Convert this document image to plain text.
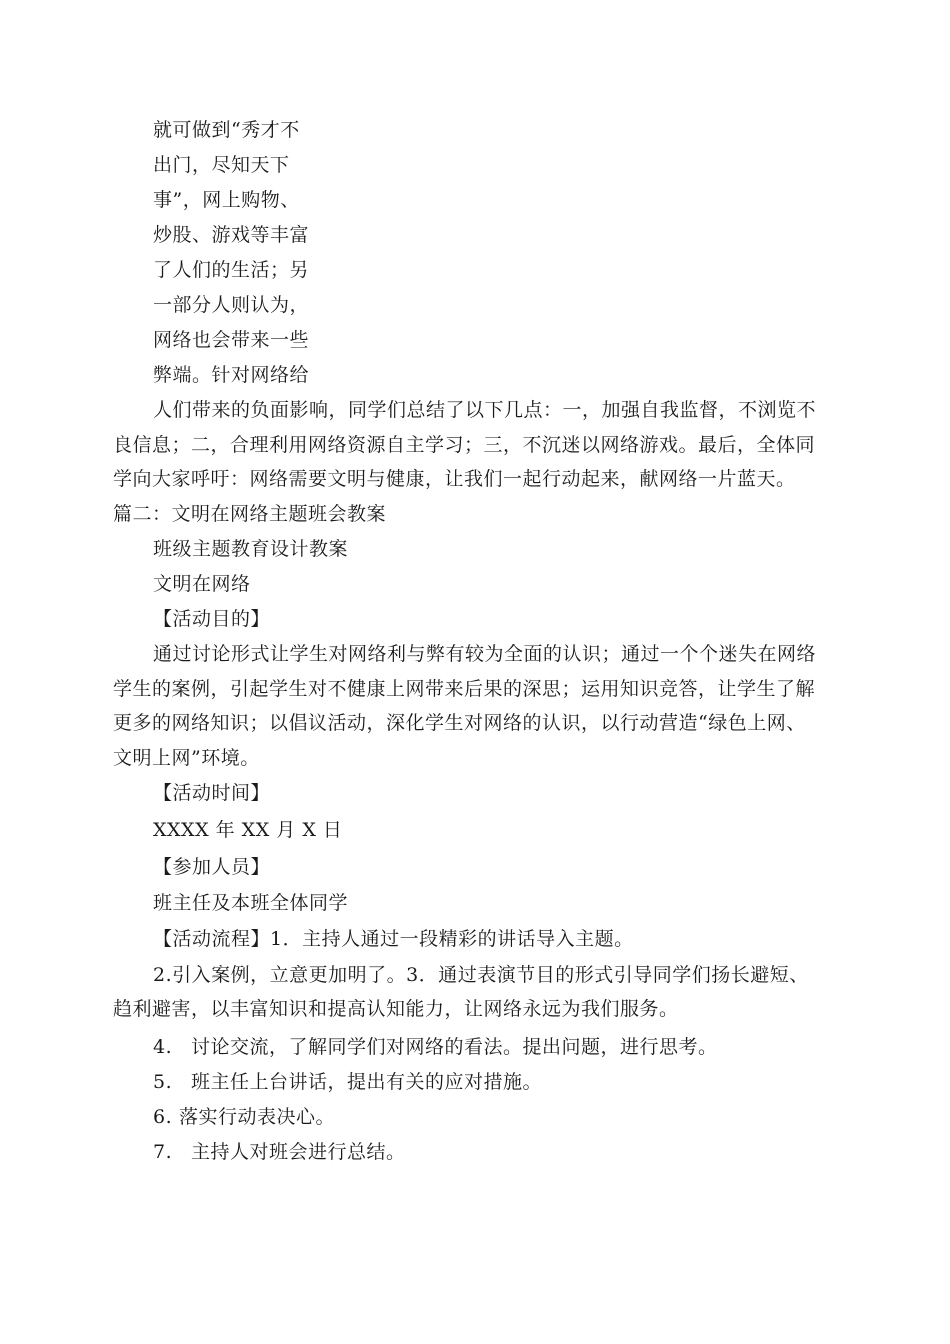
就可做到“秀才不
出门，尽知天下
事”，网上购物、
炒股、游戏等丰富
了人们的生活；另
一部分人则认为，
网络也会带来一些
弊端。针对网络给
人们带来的负面影响，同学们总结了以下几点：一，加强自我监督，不浏览不
良信息；二，合理利用网络资源自主学习；三，不沉迷以网络游戏。最后，全体同
学向大家呼吁：网络需要文明与健康，让我们一起行动起来，献网络一片蓝天。
篇二：文明在网络主题班会教案
班级主题教育设计教案
文明在网络
【活动目的】
通过讨论形式让学生对网络利与弊有较为全面的认识；通过一个个迷失在网络
学生的案例，引起学生对不健康上网带来后果的深思；运用知识竞答，让学生了解
更多的网络知识；以倡议活动，深化学生对网络的认识，以行动营造“绿色上网、
文明上网”环境。
【活动时间】
XXXX 年 XX 月 X 日
【参加人员】
班主任及本班全体同学
【活动流程】1．主持人通过一段精彩的讲话导入主题。
2.引入案例，立意更加明了。3．通过表演节目的形式引导同学们扬长避短、
趋利避害，以丰富知识和提高认知能力，让网络永远为我们服务。
4. 讨论交流，了解同学们对网络的看法。提出问题，进行思考。
5. 班主任上台讲话，提出有关的应对措施。
6. 落实行动表决心。
7. 主持人对班会进行总结。
